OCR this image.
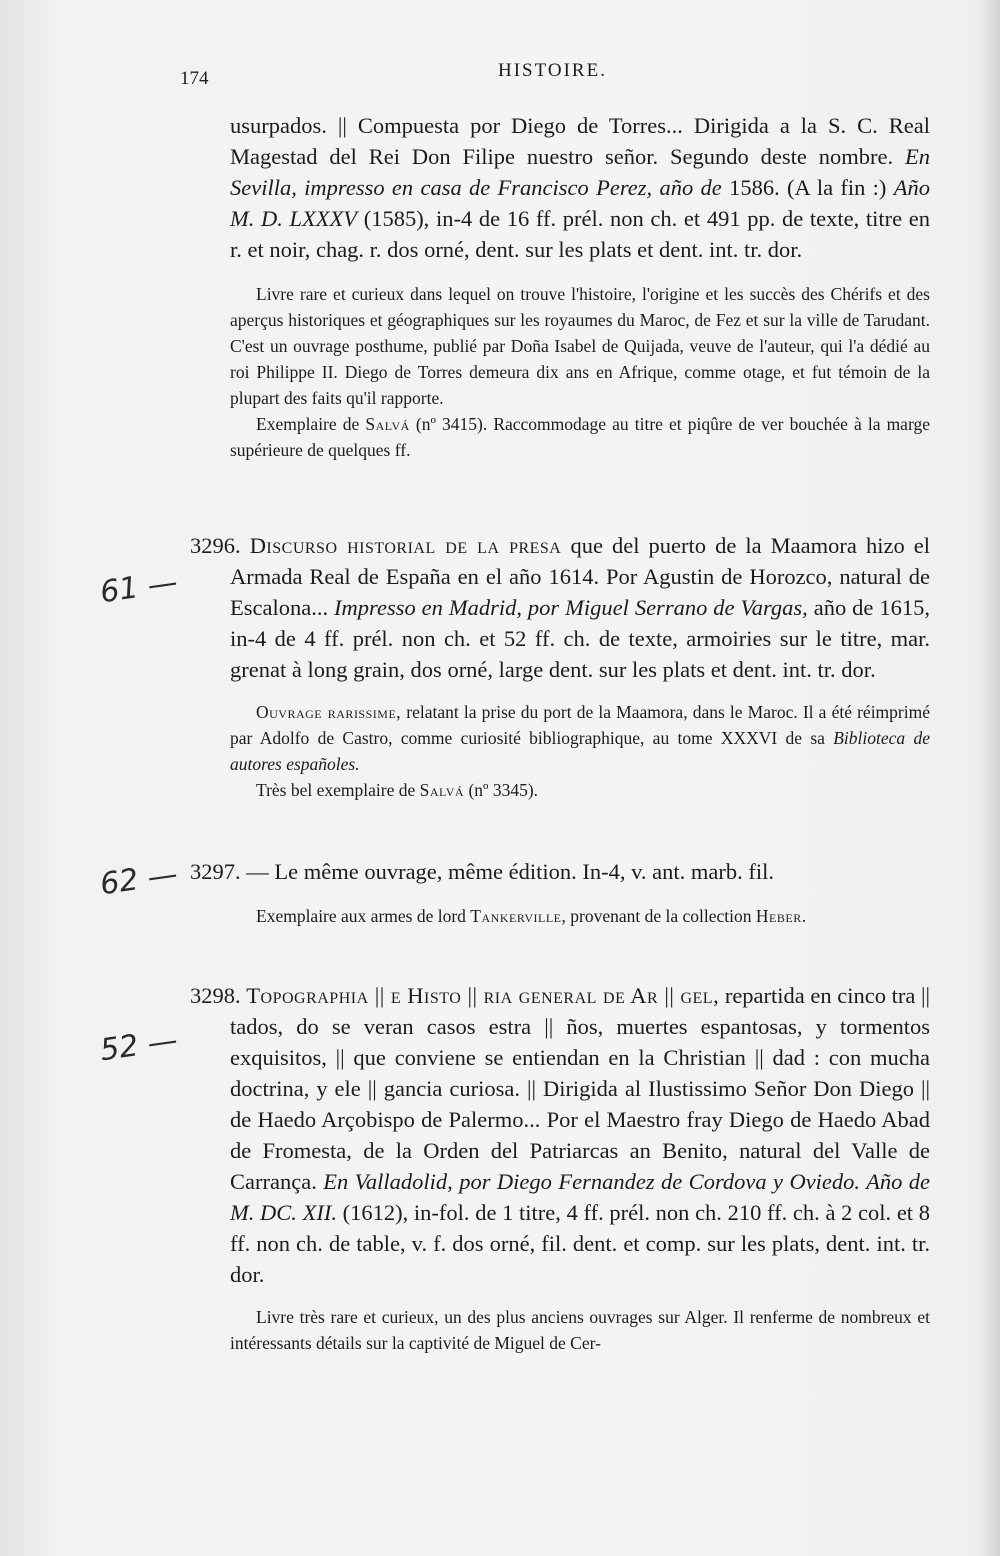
174	HISTOIRE.

usurpados. || Compuesta por Diego de Torres... Dirigida a la S. C. Real Magestad del Rei Don Filipe nuestro señor. Segundo deste nombre. En Sevilla, impresso en casa de Francisco Perez, año de 1586. (A la fin :) Año M. D. LXXXV (1585), in-4 de 16 ff. prél. non ch. et 491 pp. de texte, titre en r. et noir, chag. r. dos orné, dent. sur les plats et dent. int. tr. dor.

Livre rare et curieux dans lequel on trouve l'histoire, l'origine et les succès des Chérifs et des aperçus historiques et géographiques sur les royaumes du Maroc, de Fez et sur la ville de Tarudant. C'est un ouvrage posthume, publié par Doña Isabel de Quijada, veuve de l'auteur, qui l'a dédié au roi Philippe II. Diego de Torres demeura dix ans en Afrique, comme otage, et fut témoin de la plupart des faits qu'il rapporte.

Exemplaire de Salvá (nº 3415). Raccommodage au titre et piqûre de ver bouchée à la marge supérieure de quelques ff.

61 —

3296. Discurso historial de la presa que del puerto de la Maamora hizo el Armada Real de España en el año 1614. Por Agustin de Horozco, natural de Escalona... Impresso en Madrid, por Miguel Serrano de Vargas, año de 1615, in-4 de 4 ff. prél. non ch. et 52 ff. ch. de texte, armoiries sur le titre, mar. grenat à long grain, dos orné, large dent. sur les plats et dent. int. tr. dor.

Ouvrage rarissime, relatant la prise du port de la Maamora, dans le Maroc. Il a été réimprimé par Adolfo de Castro, comme curiosité bibliographique, au tome XXXVI de sa Biblioteca de autores españoles.

Très bel exemplaire de Salvá (nº 3345).

62 — 3297. — Le même ouvrage, même édition. In-4, v. ant. marb. fil.

Exemplaire aux armes de lord Tankerville, provenant de la collection Heber.

52 —

3298. Topographia || e Histo || ria general de Ar || gel, repartida en cinco tra || tados, do se veran casos estra || ños, muertes espantosas, y tormentos exquisitos, || que conviene se entiendan en la Christian || dad : con mucha doctrina, y ele || gancia curiosa. || Dirigida al Ilustissimo Señor Don Diego || de Haedo Arçobispo de Palermo... Por el Maestro fray Diego de Haedo Abad de Fromesta, de la Orden del Patriarcas an Benito, natural del Valle de Carrança. En Valladolid, por Diego Fernandez de Cordova y Oviedo. Año de M. DC. XII. (1612), in-fol. de 1 titre, 4 ff. prél. non ch. 210 ff. ch. à 2 col. et 8 ff. non ch. de table, v. f. dos orné, fil. dent. et comp. sur les plats, dent. int. tr. dor.

Livre très rare et curieux, un des plus anciens ouvrages sur Alger. Il renferme de nombreux et intéressants détails sur la captivité de Miguel de Cer-
